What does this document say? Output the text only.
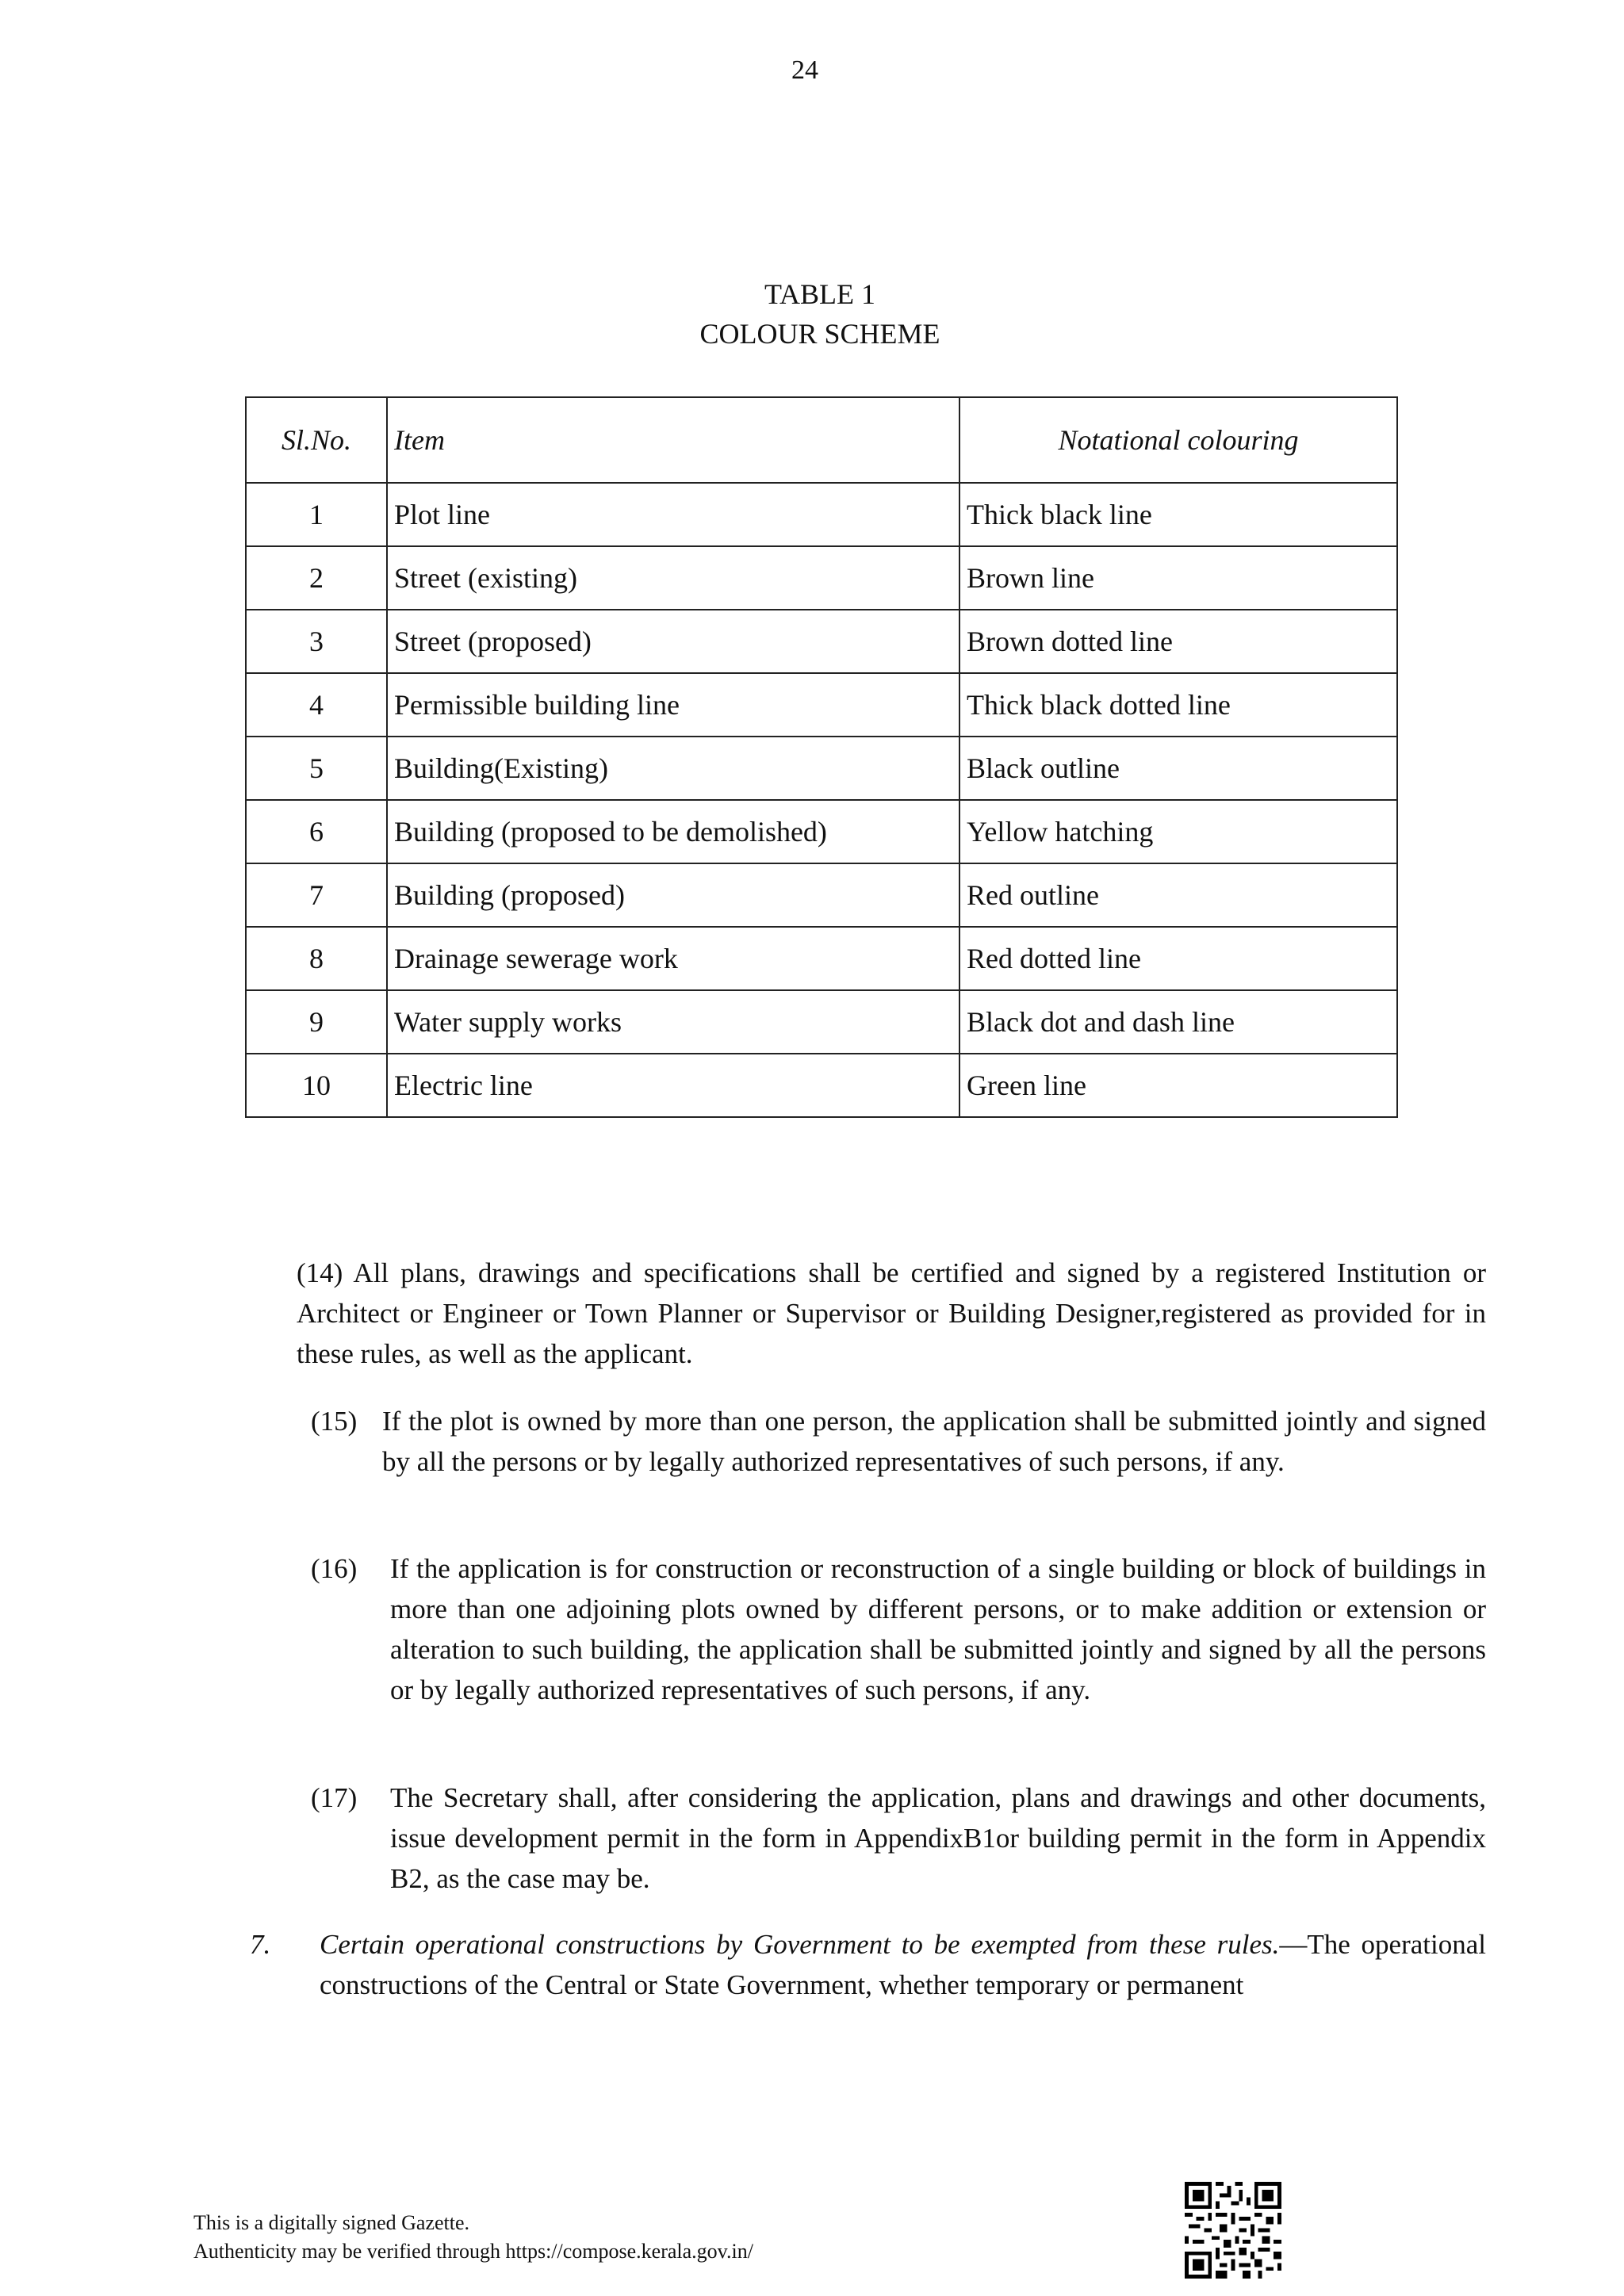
24
TABLE 1
COLOUR SCHEME
Sl.No.	Item	Notational colouring
1	Plot line	Thick black line
2	Street (existing)	Brown line
3	Street (proposed)	Brown dotted line
4	Permissible building line	Thick black dotted line
5	Building(Existing)	Black outline
6	Building (proposed to be demolished)	Yellow hatching
7	Building (proposed)	Red outline
8	Drainage sewerage work	Red dotted line
9	Water supply works	Black dot and dash line
10	Electric line	Green line
(14) All plans, drawings and specifications shall be certified and signed by a registered Institution or Architect or Engineer or Town Planner or Supervisor or Building Designer,registered as provided for in these rules, as well as the applicant.
(15) If the plot is owned by more than one person, the application shall be submitted jointly and signed by all the persons or by legally authorized representatives of such persons, if any.
(16) If the application is for construction or reconstruction of a single building or block of buildings in more than one adjoining plots owned by different persons, or to make addition or extension or alteration to such building, the application shall be submitted jointly and signed by all the persons or by legally authorized representatives of such persons, if any.
(17) The Secretary shall, after considering the application, plans and drawings and other documents, issue development permit in the form in AppendixB1or building permit in the form in Appendix B2, as the case may be.
7. Certain operational constructions by Government to be exempted from these rules.—The operational constructions of the Central or State Government, whether temporary or permanent
This is a digitally signed Gazette.
Authenticity may be verified through https://compose.kerala.gov.in/
